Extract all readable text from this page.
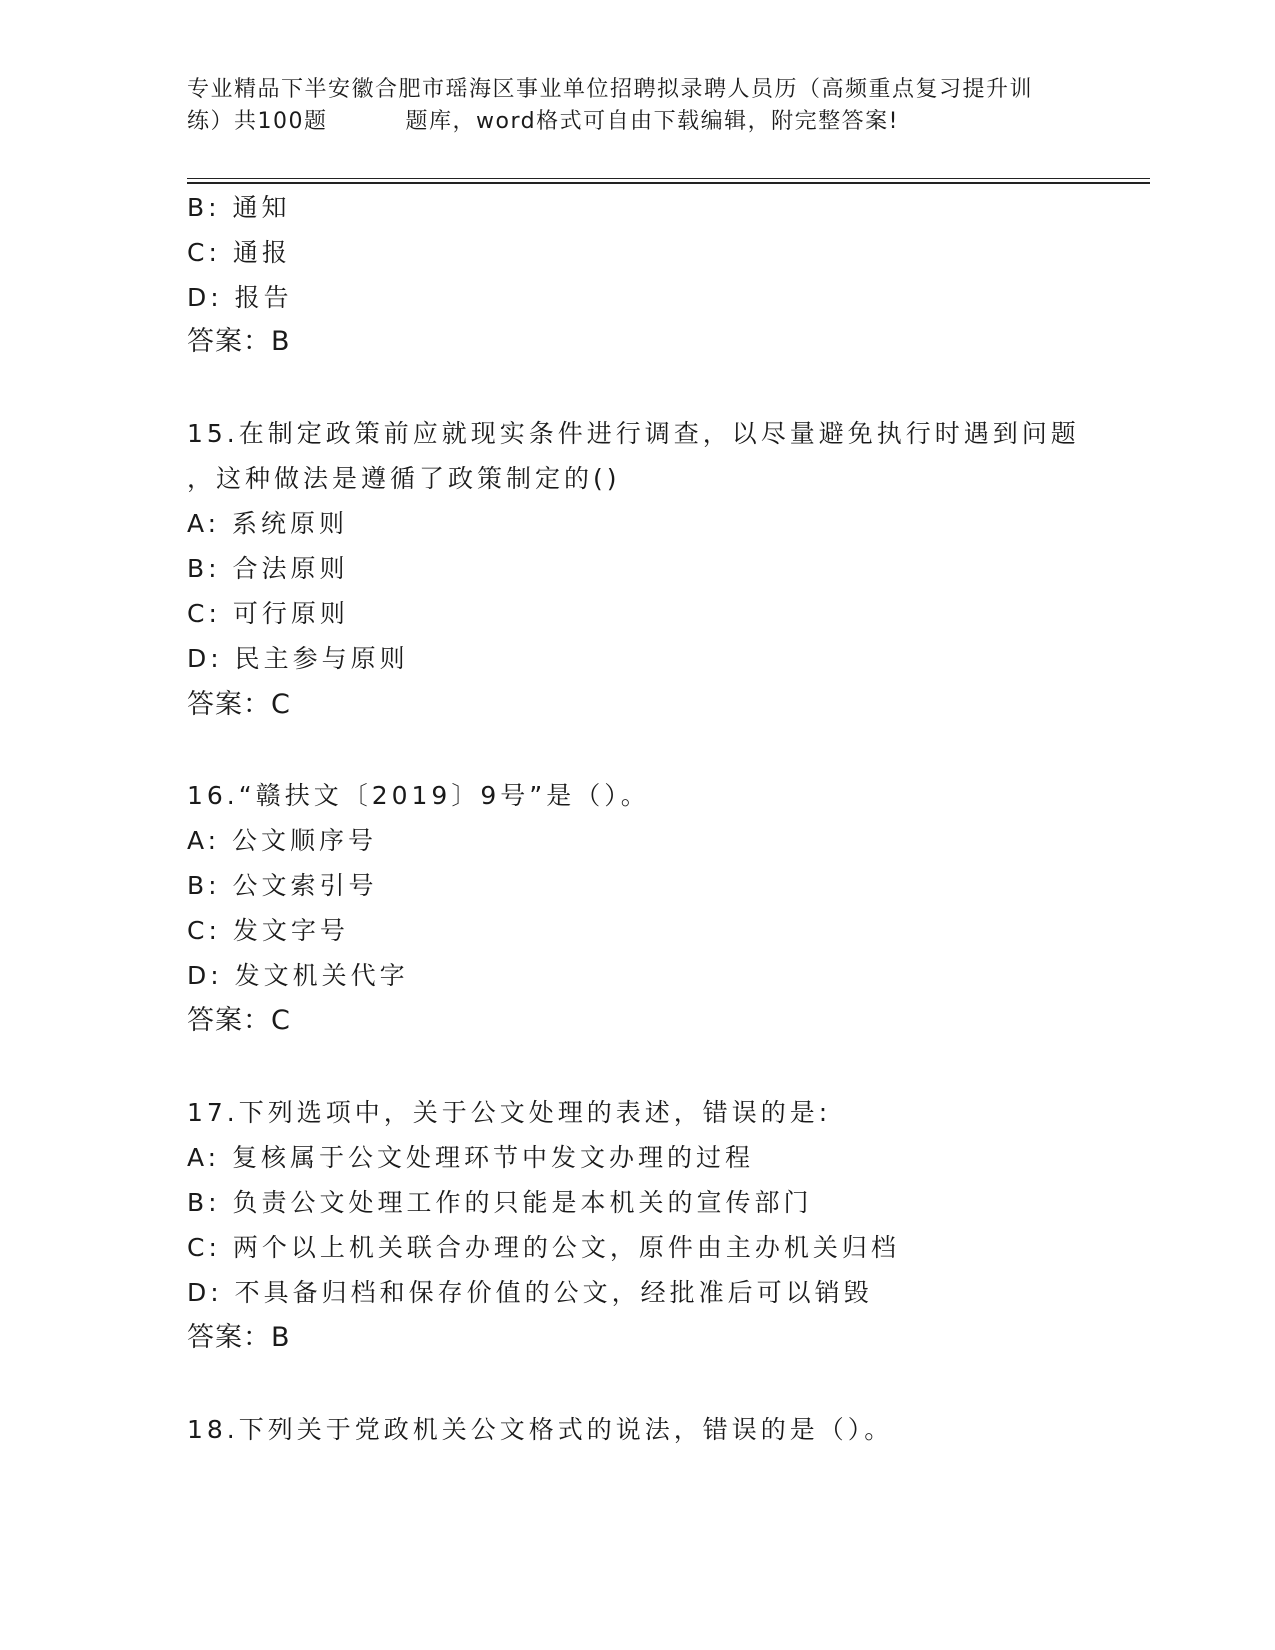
专业精品下半安徽合肥市瑶海区事业单位招聘拟录聘人员历（高频重点复习提升训
练）共100题	题库，word格式可自由下载编辑，附完整答案!
B: 通知
C: 通报
D: 报告
答案：B
15.在制定政策前应就现实条件进行调查，以尽量避免执行时遇到问题
，这种做法是遵循了政策制定的()
A: 系统原则
B: 合法原则
C: 可行原则
D: 民主参与原则
答案：C
16.“赣扶文〔2019〕9号”是（）。
A: 公文顺序号
B: 公文索引号
C: 发文字号
D: 发文机关代字
答案：C
17.下列选项中，关于公文处理的表述，错误的是:
A: 复核属于公文处理环节中发文办理的过程
B: 负责公文处理工作的只能是本机关的宣传部门
C: 两个以上机关联合办理的公文，原件由主办机关归档
D: 不具备归档和保存价值的公文，经批准后可以销毁
答案：B
18.下列关于党政机关公文格式的说法，错误的是（）。
